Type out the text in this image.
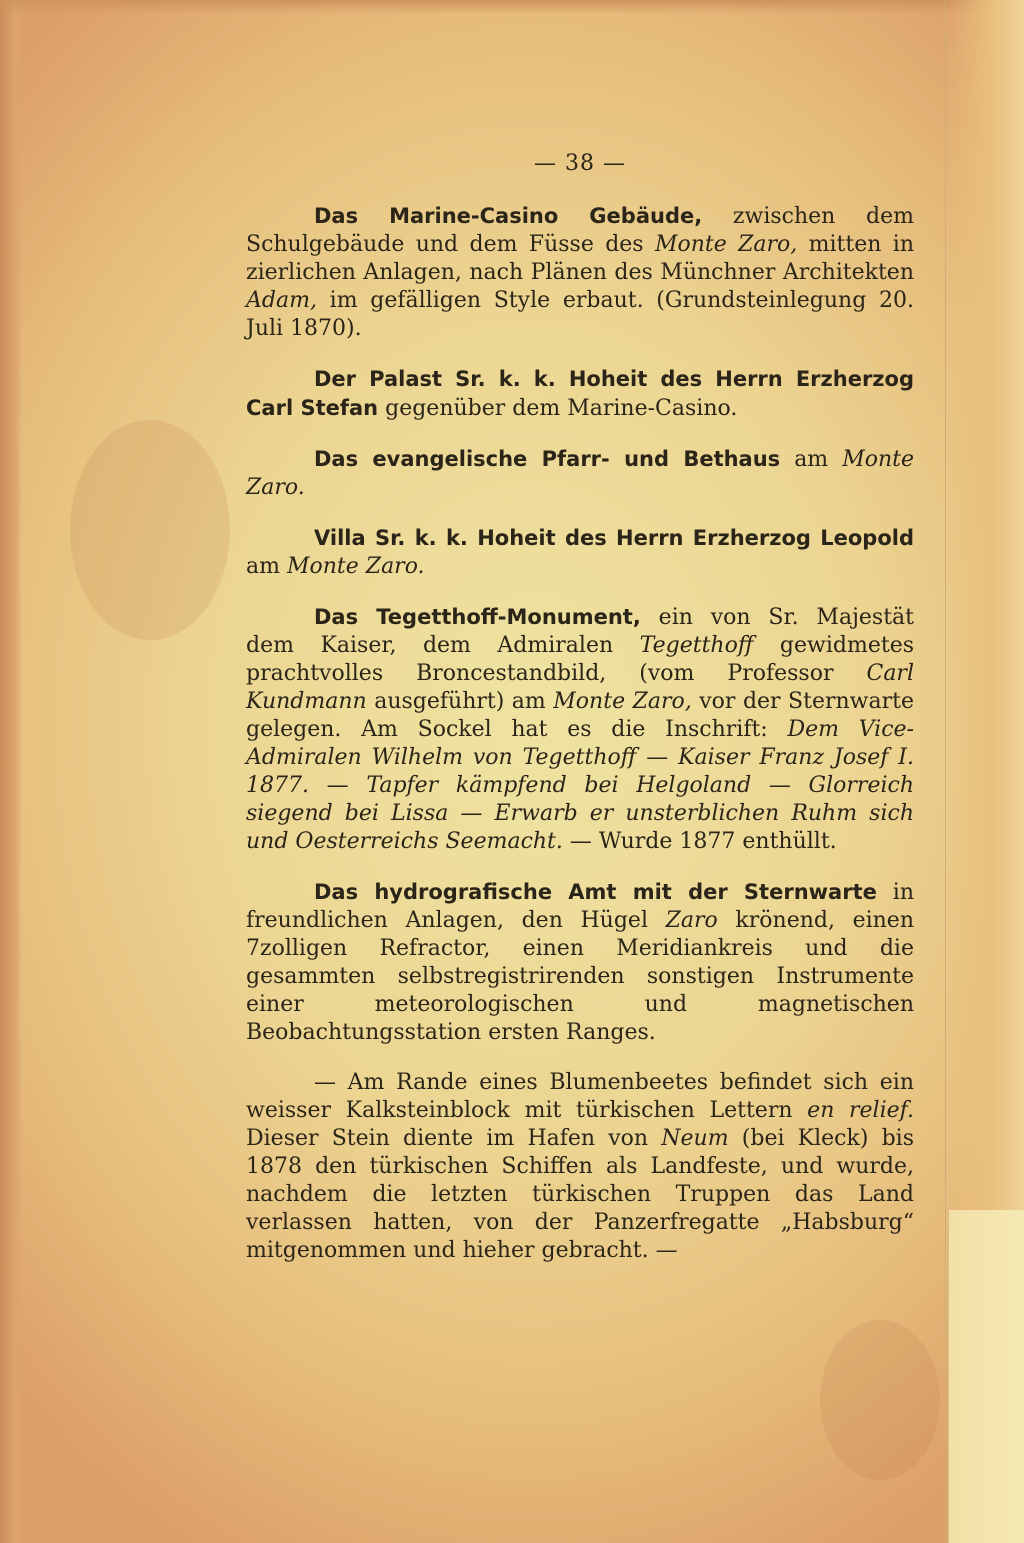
— 38 —

Das Marine-Casino Gebäude, zwischen dem Schulgebäude und dem Füsse des Monte Zaro, mitten in zierlichen Anlagen, nach Plänen des Münchner Architekten Adam, im gefälligen Style erbaut. (Grundsteinlegung 20. Juli 1870).

Der Palast Sr. k. k. Hoheit des Herrn Erzherzog Carl Stefan gegenüber dem Marine-Casino.

Das evangelische Pfarr- und Bethaus am Monte Zaro.

Villa Sr. k. k. Hoheit des Herrn Erzherzog Leopold am Monte Zaro.

Das Tegetthoff-Monument, ein von Sr. Majestät dem Kaiser, dem Admiralen Tegetthoff gewidmetes prachtvolles Broncestandbild, (vom Professor Carl Kundmann ausgeführt) am Monte Zaro, vor der Sternwarte gelegen. Am Sockel hat es die Inschrift: Dem Vice-Admiralen Wilhelm von Tegetthoff — Kaiser Franz Josef I. 1877. — Tapfer kämpfend bei Helgoland — Glorreich siegend bei Lissa — Erwarb er unsterblichen Ruhm sich und Oesterreichs Seemacht. — Wurde 1877 enthüllt.

Das hydrografische Amt mit der Sternwarte in freundlichen Anlagen, den Hügel Zaro krönend, einen 7zolligen Refractor, einen Meridiankreis und die gesammten selbstregistrirenden sonstigen Instrumente einer meteorologischen und magnetischen Beobachtungsstation ersten Ranges.

— Am Rande eines Blumenbeetes befindet sich ein weisser Kalksteinblock mit türkischen Lettern en relief. Dieser Stein diente im Hafen von Neum (bei Kleck) bis 1878 den türkischen Schiffen als Landfeste, und wurde, nachdem die letzten türkischen Truppen das Land verlassen hatten, von der Panzerfregatte „Habsburg“ mitgenommen und hieher gebracht. —
